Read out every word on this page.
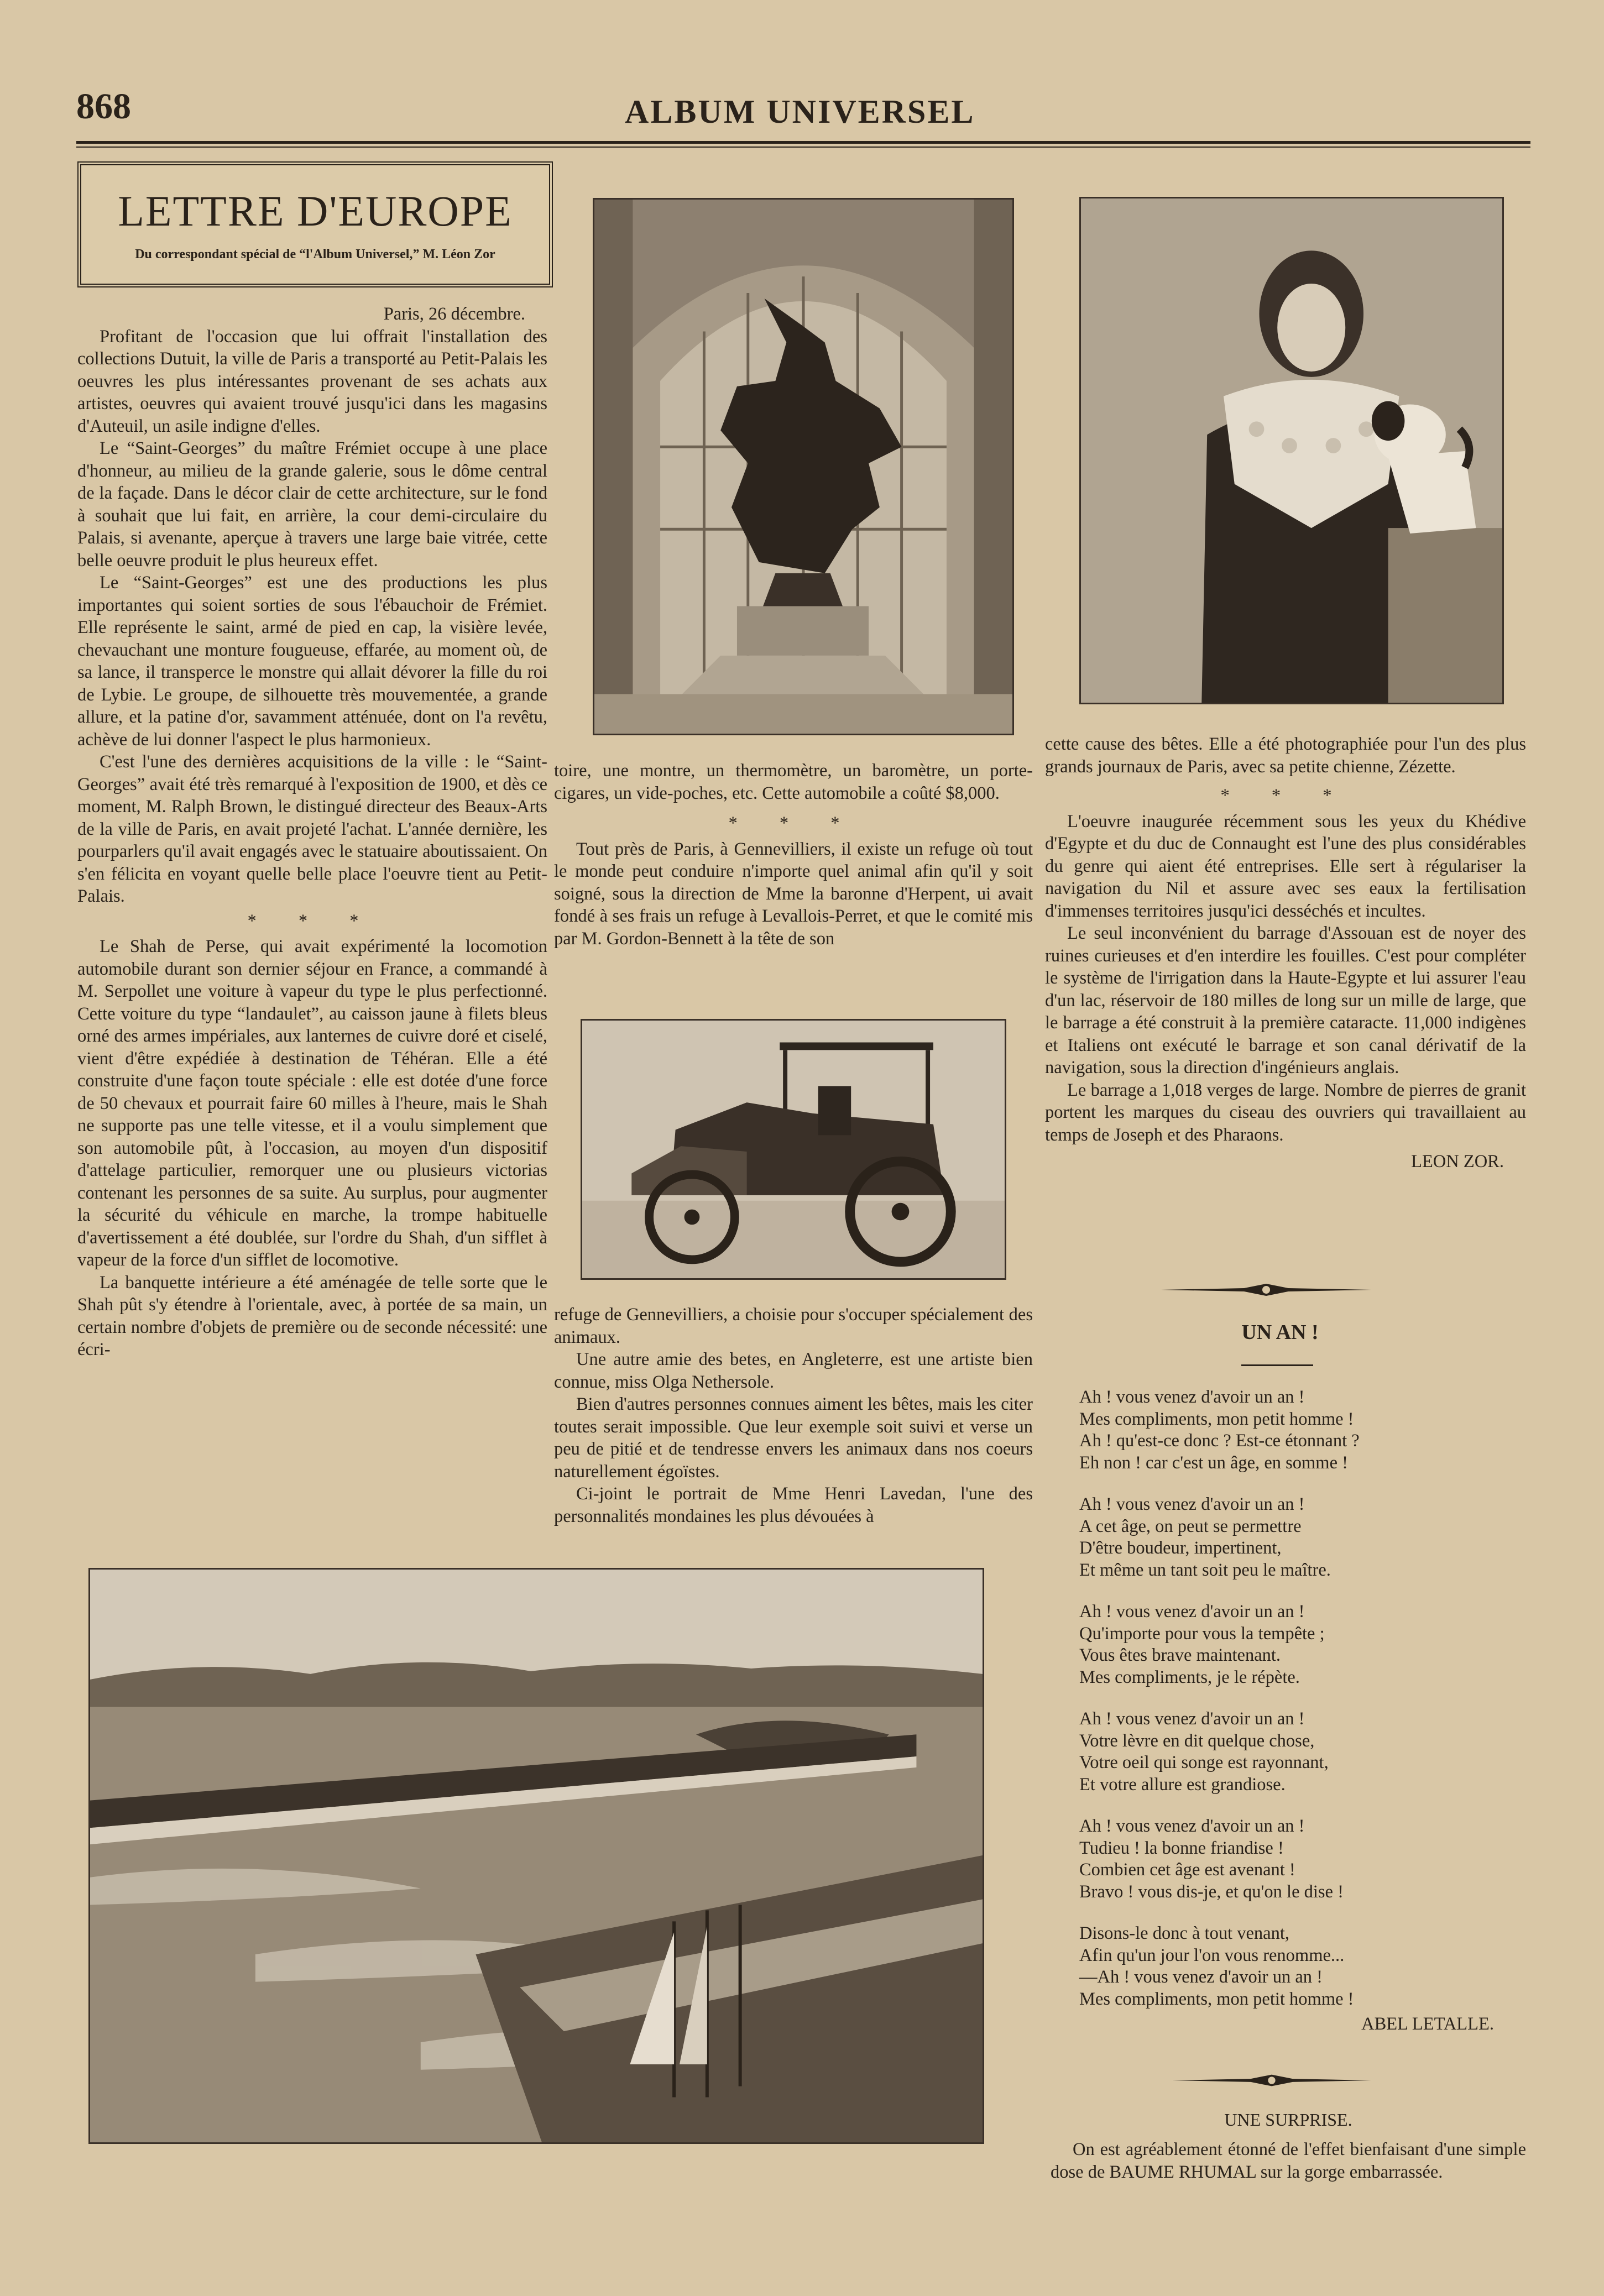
868	ALBUM UNIVERSEL
LETTRE D'EUROPE
Du correspondant spécial de “l'Album Universel,” M. Léon Zor
Paris, 26 décembre.

Profitant de l'occasion que lui offrait l'installation des collections Dutuit, la ville de Paris a transporté au Petit-Palais les oeuvres les plus intéressantes provenant de ses achats aux artistes, oeuvres qui avaient trouvé jusqu'ici dans les magasins d'Auteuil, un asile indigne d'elles.

Le “Saint-Georges” du maître Frémiet occupe à une place d'honneur, au milieu de la grande galerie, sous le dôme central de la façade. Dans le décor clair de cette architecture, sur le fond à souhait que lui fait, en arrière, la cour demi-circulaire du Palais, si avenante, aperçue à travers une large baie vitrée, cette belle oeuvre produit le plus heureux effet.

Le “Saint-Georges” est une des productions les plus importantes qui soient sorties de sous l'ébauchoir de Frémiet. Elle représente le saint, armé de pied en cap, la visière levée, chevauchant une monture fougueuse, effarée, au moment où, de sa lance, il transperce le monstre qui allait dévorer la fille du roi de Lybie. Le groupe, de silhouette très mouvementée, a grande allure, et la patine d'or, savamment atténuée, dont on l'a revêtu, achève de lui donner l'aspect le plus harmonieux.

C'est l'une des dernières acquisitions de la ville : le “Saint-Georges” avait été très remarqué à l'exposition de 1900, et dès ce moment, M. Ralph Brown, le distingué directeur des Beaux-Arts de la ville de Paris, en avait projeté l'achat. L'année dernière, les pourparlers qu'il avait engagés avec le statuaire aboutissaient. On s'en félicita en voyant quelle belle place l'oeuvre tient au Petit-Palais.

* * *

Le Shah de Perse, qui avait expérimenté la locomotion automobile durant son dernier séjour en France, a commandé à M. Serpollet une voiture à vapeur du type le plus perfectionné. Cette voiture du type “landaulet”, au caisson jaune à filets bleus orné des armes impériales, aux lanternes de cuivre doré et ciselé, vient d'être expédiée à destination de Téhéran. Elle a été construite d'une façon toute spéciale : elle est dotée d'une force de 50 chevaux et pourrait faire 60 milles à l'heure, mais le Shah ne supporte pas une telle vitesse, et il a voulu simplement que son automobile pût, à l'occasion, au moyen d'un dispositif d'attelage particulier, remorquer une ou plusieurs victorias contenant les personnes de sa suite. Au surplus, pour augmenter la sécurité du véhicule en marche, la trompe habituelle d'avertissement a été doublée, sur l'ordre du Shah, d'un sifflet à vapeur de la force d'un sifflet de locomotive.

La banquette intérieure a été aménagée de telle sorte que le Shah pût s'y étendre à l'orientale, avec, à portée de sa main, un certain nombre d'objets de première ou de seconde nécessité: une écri-

toire, une montre, un thermomètre, un baromètre, un porte-cigares, un vide-poches, etc. Cette automobile a coûté $8,000.

* * *

Tout près de Paris, à Gennevilliers, il existe un refuge où tout le monde peut conduire n'importe quel animal afin qu'il y soit soigné, sous la direction de Mme la baronne d'Herpent, ui avait fondé à ses frais un refuge à Levallois-Perret, et que le comité mis par M. Gordon-Bennett à la tête de son

refuge de Gennevilliers, a choisie pour s'occuper spécialement des animaux.

Une autre amie des betes, en Angleterre, est une artiste bien connue, miss Olga Nethersole.

Bien d'autres personnes connues aiment les bêtes, mais les citer toutes serait impossible. Que leur exemple soit suivi et verse un peu de pitié et de tendresse envers les animaux dans nos coeurs naturellement égoïstes.

Ci-joint le portrait de Mme Henri Lavedan, l'une des personnalités mondaines les plus dévouées à

cette cause des bêtes. Elle a été photographiée pour l'un des plus grands journaux de Paris, avec sa petite chienne, Zézette.

* * *

L'oeuvre inaugurée récemment sous les yeux du Khédive d'Egypte et du duc de Connaught est l'une des plus considérables du genre qui aient été entreprises. Elle sert à régulariser la navigation du Nil et assure avec ses eaux la fertilisation d'immenses territoires jusqu'ici desséchés et incultes.

Le seul inconvénient du barrage d'Assouan est de noyer des ruines curieuses et d'en interdire les fouilles. C'est pour compléter le système de l'irrigation dans la Haute-Egypte et lui assurer l'eau d'un lac, réservoir de 180 milles de long sur un mille de large, que le barrage a été construit à la première cataracte. 11,000 indigènes et Italiens ont exécuté le barrage et son canal dérivatif de la navigation, sous la direction d'ingénieurs anglais.

Le barrage a 1,018 verges de large. Nombre de pierres de granit portent les marques du ciseau des ouvriers qui travaillaient au temps de Joseph et des Pharaons.

LEON ZOR.
UN AN !
Ah ! vous venez d'avoir un an !
Mes compliments, mon petit homme !
Ah ! qu'est-ce donc ? Est-ce étonnant ?
Eh non ! car c'est un âge, en somme !
Ah ! vous venez d'avoir un an !
A cet âge, on peut se permettre
D'être boudeur, impertinent,
Et même un tant soit peu le maître.
Ah ! vous venez d'avoir un an !
Qu'importe pour vous la tempête ;
Vous êtes brave maintenant.
Mes compliments, je le répète.
Ah ! vous venez d'avoir un an !
Votre lèvre en dit quelque chose,
Votre oeil qui songe est rayonnant,
Et votre allure est grandiose.
Ah ! vous venez d'avoir un an !
Tudieu ! la bonne friandise !
Combien cet âge est avenant !
Bravo ! vous dis-je, et qu'on le dise !
Disons-le donc à tout venant,
Afin qu'un jour l'on vous renomme...
—Ah ! vous venez d'avoir un an !
Mes compliments, mon petit homme !
ABEL LETALLE.
UNE SURPRISE.

On est agréablement étonné de l'effet bienfaisant d'une simple dose de BAUME RHUMAL sur la gorge embarrassée.
